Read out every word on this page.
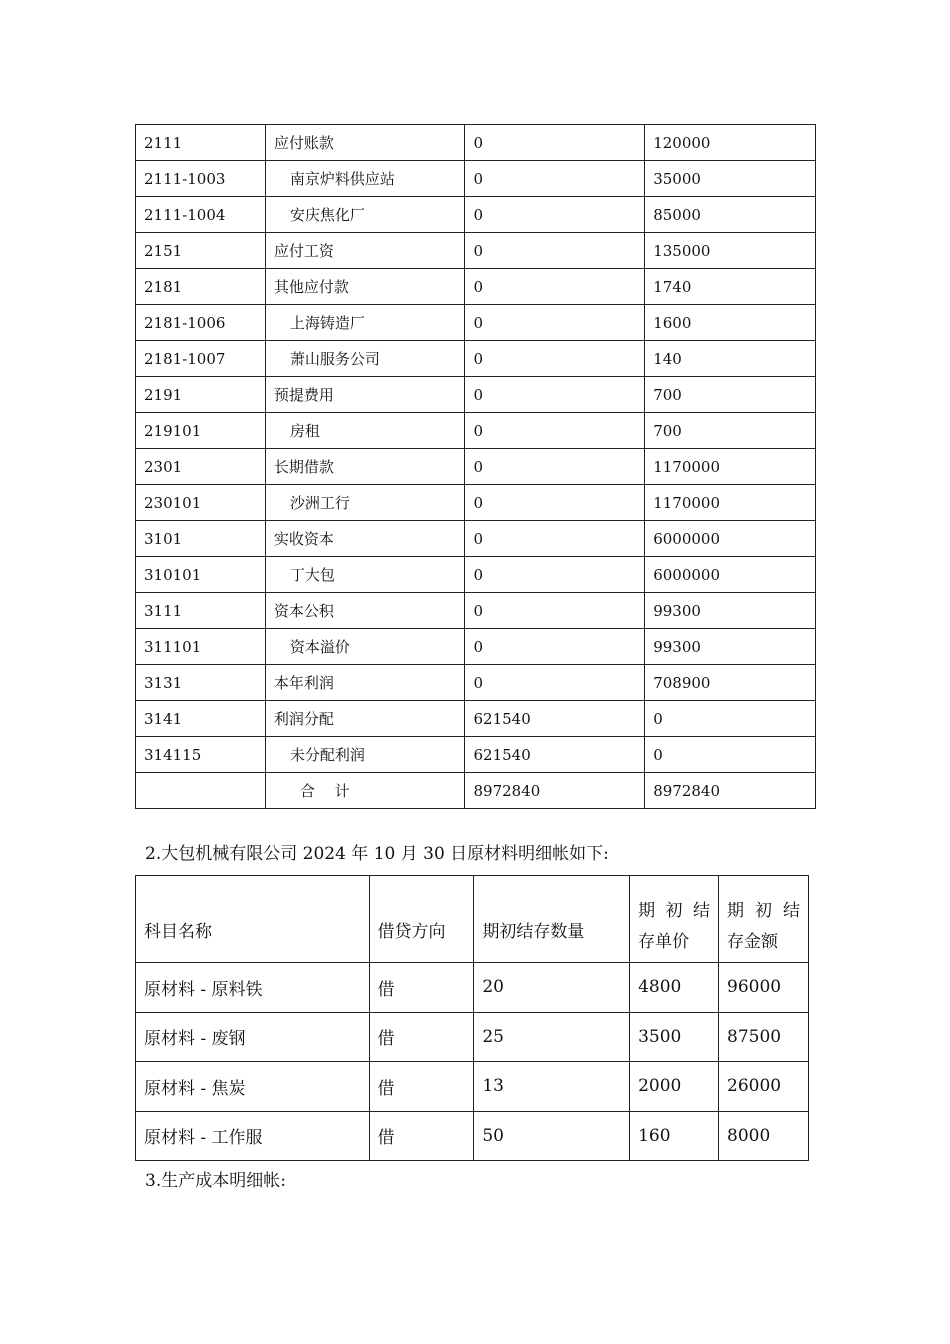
2111	应付账款	0	120000
2111-1003	南京炉料供应站	0	35000
2111-1004	安庆焦化厂	0	85000
2151	应付工资	0	135000
2181	其他应付款	0	1740
2181-1006	上海铸造厂	0	1600
2181-1007	萧山服务公司	0	140
2191	预提费用	0	700
219101	房租	0	700
2301	长期借款	0	1170000
230101	沙洲工行	0	1170000
3101	实收资本	0	6000000
310101	丁大包	0	6000000
3111	资本公积	0	99300
311101	资本溢价	0	99300
3131	本年利润	0	708900
3141	利润分配	621540	0
314115	未分配利润	621540	0
	合　 计	8972840	8972840
2.大包机械有限公司 2024 年 10 月 30 日原材料明细帐如下:
科目名称	借贷方向	期初结存数量	期 初 结 存单价	期 初 结 存金额
原材料 - 原料铁	借	20	4800	96000
原材料 - 废钢	借	25	3500	87500
原材料 - 焦炭	借	13	2000	26000
原材料 - 工作服	借	50	160	8000
3.生产成本明细帐:
